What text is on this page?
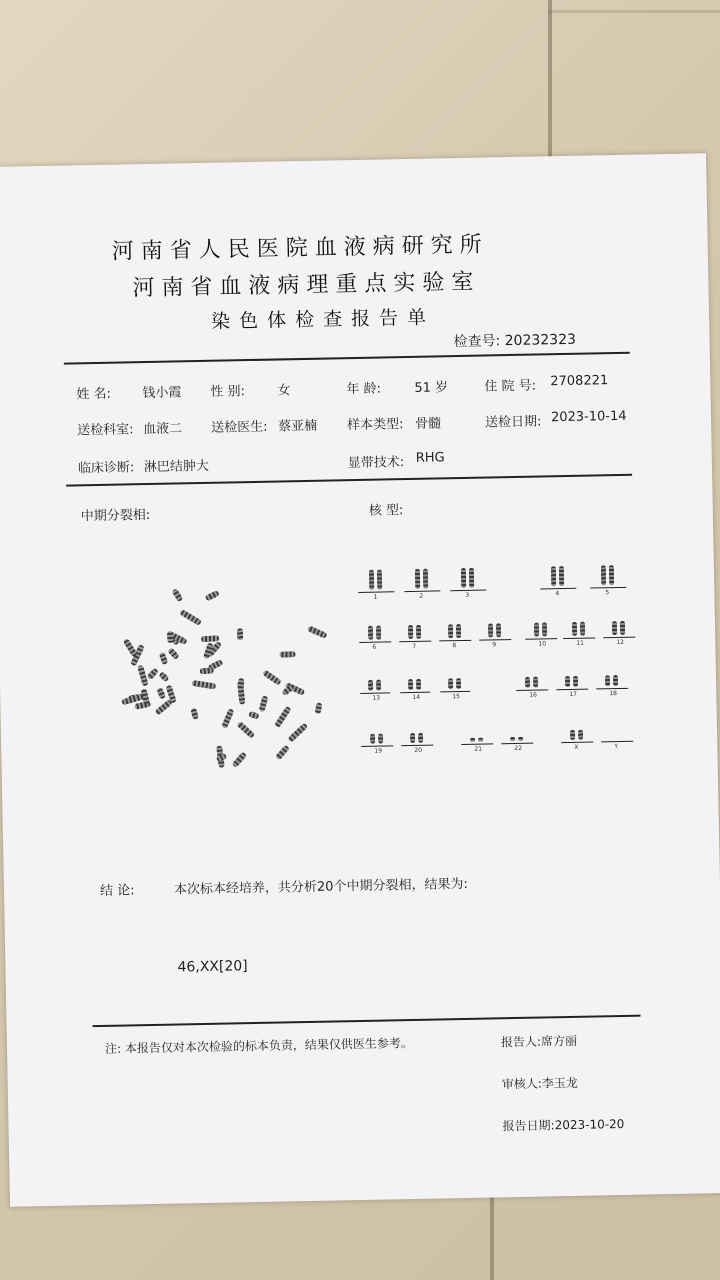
河南省人民医院血液病研究所
河南省血液病理重点实验室
染色体检查报告单
检查号: 20232323
姓 名: 钱小霞 性 别: 女	年 龄:	51 岁	住 院 号: 2708221
送检科室: 血液二 送检医生: 蔡亚楠 样本类型: 骨髓	送检日期: 2023-10-14
临床诊断: 淋巴结肿大	显带技术: RHG
中期分裂相:	核 型:
1	2	3	4	5
6	7	8	9	10	11	12
13	14	15	16	17	18
19	20	21	22	X	Y
结 论:	本次标本经培养，共分析20个中期分裂相，结果为:
46,XX[20]
注: 本报告仅对本次检验的标本负责，结果仅供医生参考。	报告人:席方丽
审核人:李玉龙
报告日期:2023-10-20
